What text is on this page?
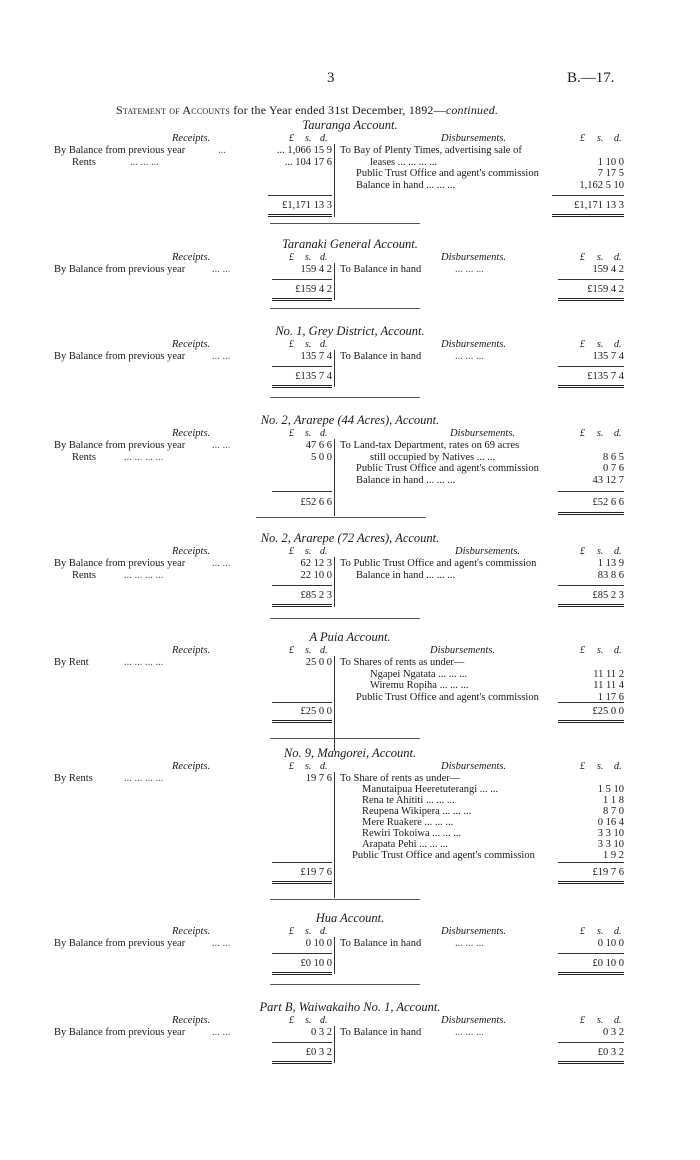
3	B.—17.
Statement of Accounts for the Year ended 31st December, 1892—continued.
Tauranga Account.
Receipts.	£ s. d.	Disbursements.	£ s. d.
By Balance from previous year	...	... 1,066 15 9
Rents	... ... ...	... 104 17 6
To Bay of Plenty Times, advertising sale of
leases ... ... ... ...	1 10 0
Public Trust Office and agent's commission	7 17 5
Balance in hand ... ... ...	1,162 5 10
£1,171 13 3	£1,171 13 3
Taranaki General Account.
Receipts.	£ s. d.	Disbursements.	£ s. d.
By Balance from previous year	... ...	159 4 2 To Balance in hand	... ... ...	159 4 2
£159 4 2	£159 4 2
No. 1, Grey District, Account.
Receipts.	£ s. d.	Disbursements.	£ s. d.
By Balance from previous year	... ...	135 7 4 To Balance in hand	... ... ...	135 7 4
£135 7 4	£135 7 4
No. 2, Ararepe (44 Acres), Account.
Receipts.	£ s. d.	Disbursements.	£ s. d.
By Balance from previous year	... ...	47 6 6
Rents	... ... ... ...	5 0 0
To Land-tax Department, rates on 69 acres
still occupied by Natives ... ...	8 6 5
Public Trust Office and agent's commission	0 7 6
Balance in hand ... ... ...	43 12 7
£52 6 6	£52 6 6
No. 2, Ararepe (72 Acres), Account.
Receipts.	£ s. d.	Disbursements.	£ s. d.
By Balance from previous year	... ...	62 12 3
Rents	... ... ... ...	22 10 0
To Public Trust Office and agent's commission	1 13 9
Balance in hand ... ... ...	83 8 6
£85 2 3	£85 2 3
A Puia Account.
Receipts.	£ s. d.	Disbursements.	£ s. d.
By Rent	... ... ... ...	25 0 0 To Shares of rents as under—
Ngapei Ngatata ... ... ...	11 11 2
Wiremu Ropiha ... ... ...	11 11 4
Public Trust Office and agent's commission	1 17 6
£25 0 0	£25 0 0
No. 9, Mangorei, Account.
Receipts.	£ s. d.	Disbursements.	£ s. d.
By Rents	... ... ... ...	19 7 6 To Share of rents as under—
Manutaipua Heeretuterangi ... ...	1 5 10
Rena te Ahititi ... ... ...	1 1 8
Reupena Wikipera ... ... ...	8 7 0
Mere Ruakere ... ... ...	0 16 4
Rewiri Tokoiwa ... ... ...	3 3 10
Arapata Pehi ... ... ...	3 3 10
Public Trust Office and agent's commission	1 9 2
£19 7 6	£19 7 6
Hua Account.
Receipts.	£ s. d.	Disbursements.	£ s. d.
By Balance from previous year	... ...	0 10 0 To Balance in hand	... ... ...	0 10 0
£0 10 0	£0 10 0
Part B, Waiwakaiho No. 1, Account.
Receipts.	£ s. d.	Disbursements.	£ s. d.
By Balance from previous year	... ...	0 3 2 To Balance in hand	... ... ...	0 3 2
£0 3 2	£0 3 2
